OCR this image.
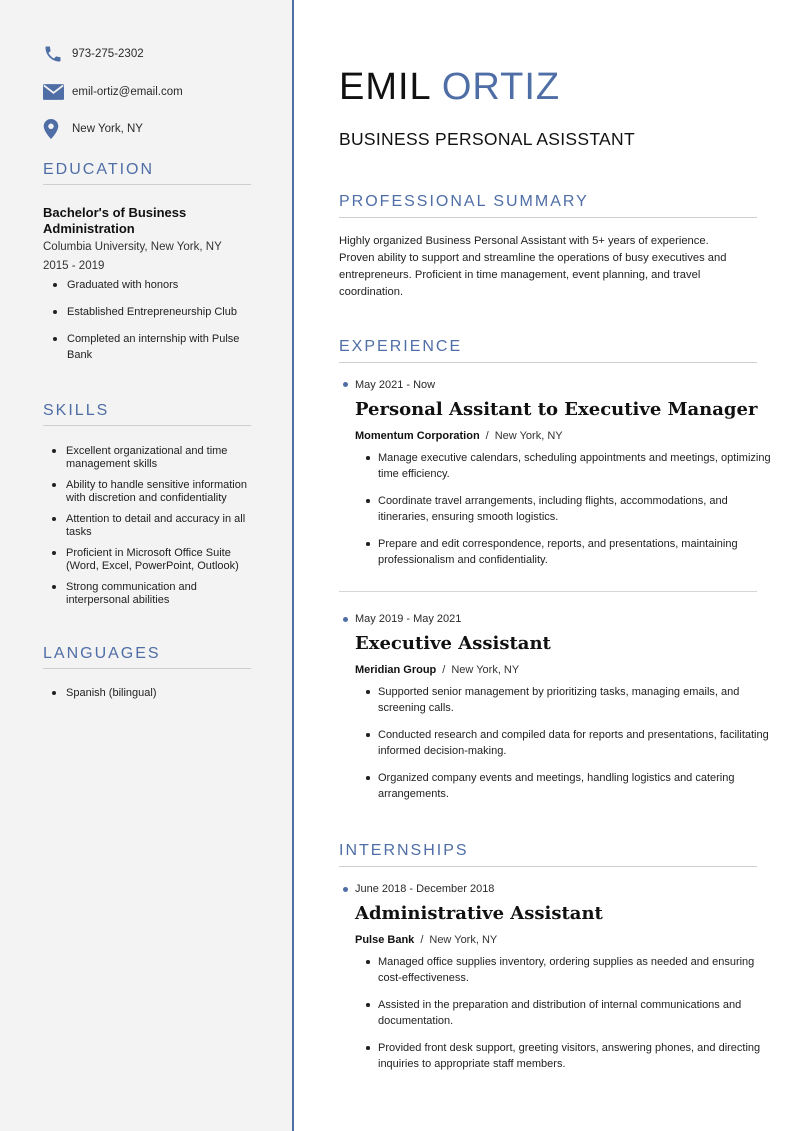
973-275-2302
emil-ortiz@email.com
New York, NY
EDUCATION
Bachelor's of Business Administration
Columbia University, New York, NY
2015 - 2019
Graduated with honors
Established Entrepreneurship Club
Completed an internship with Pulse Bank
SKILLS
Excellent organizational and time management skills
Ability to handle sensitive information with discretion and confidentiality
Attention to detail and accuracy in all tasks
Proficient in Microsoft Office Suite (Word, Excel, PowerPoint, Outlook)
Strong communication and interpersonal abilities
LANGUAGES
Spanish (bilingual)
EMIL ORTIZ
BUSINESS PERSONAL ASISSTANT
PROFESSIONAL SUMMARY
Highly organized Business Personal Assistant with 5+ years of experience. Proven ability to support and streamline the operations of busy executives and entrepreneurs. Proficient in time management, event planning, and travel coordination.
EXPERIENCE
May 2021 - Now
Personal Assitant to Executive Manager
Momentum Corporation / New York, NY
Manage executive calendars, scheduling appointments and meetings, optimizing time efficiency.
Coordinate travel arrangements, including flights, accommodations, and itineraries, ensuring smooth logistics.
Prepare and edit correspondence, reports, and presentations, maintaining professionalism and confidentiality.
May 2019 - May 2021
Executive Assistant
Meridian Group / New York, NY
Supported senior management by prioritizing tasks, managing emails, and screening calls.
Conducted research and compiled data for reports and presentations, facilitating informed decision-making.
Organized company events and meetings, handling logistics and catering arrangements.
INTERNSHIPS
June 2018 - December 2018
Administrative Assistant
Pulse Bank / New York, NY
Managed office supplies inventory, ordering supplies as needed and ensuring cost-effectiveness.
Assisted in the preparation and distribution of internal communications and documentation.
Provided front desk support, greeting visitors, answering phones, and directing inquiries to appropriate staff members.
